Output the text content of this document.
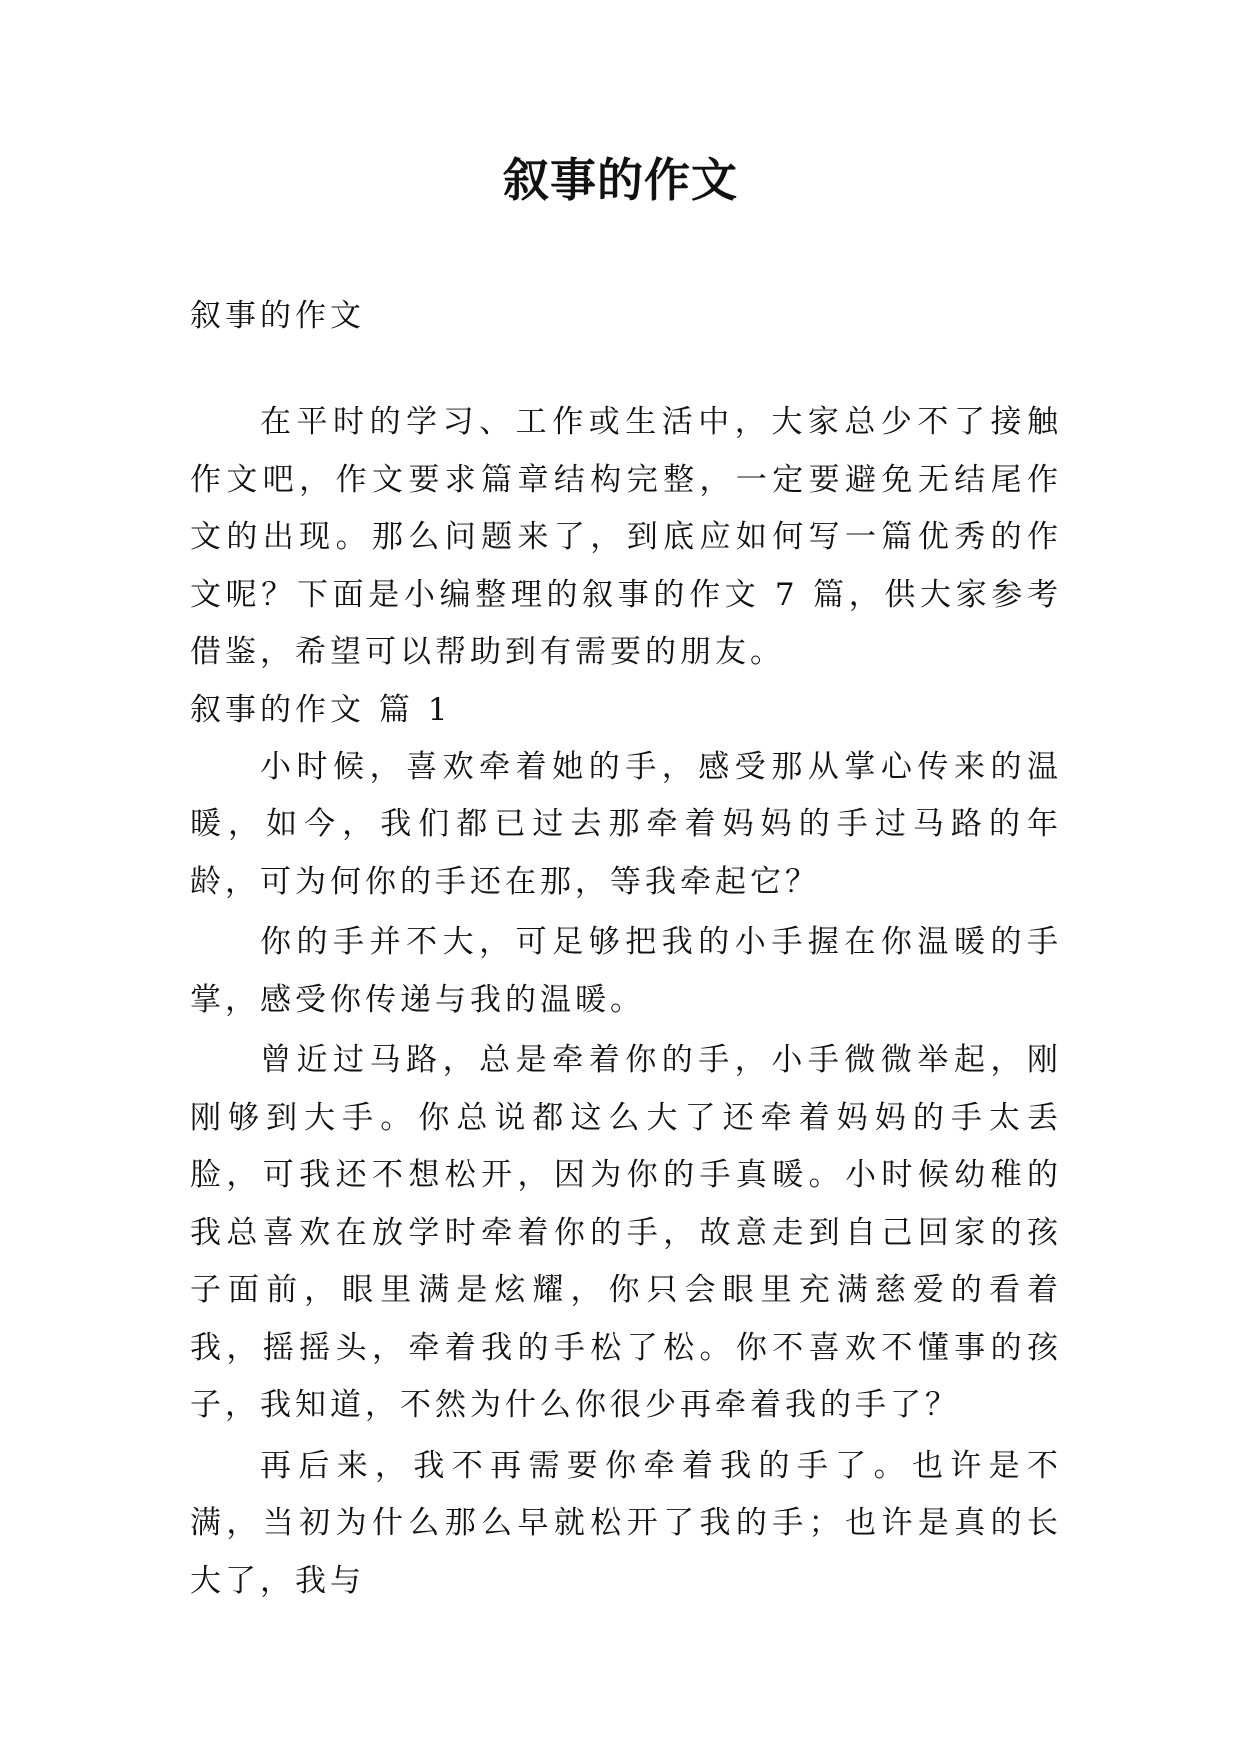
叙事的作文

叙事的作文

在平时的学习、工作或生活中，大家总少不了接触作文吧，作文要求篇章结构完整，一定要避免无结尾作文的出现。那么问题来了，到底应如何写一篇优秀的作文呢？下面是小编整理的叙事的作文 7 篇，供大家参考借鉴，希望可以帮助到有需要的朋友。

叙事的作文 篇 1

小时候，喜欢牵着她的手，感受那从掌心传来的温暖，如今，我们都已过去那牵着妈妈的手过马路的年龄，可为何你的手还在那，等我牵起它？

你的手并不大，可足够把我的小手握在你温暖的手掌，感受你传递与我的温暖。

曾近过马路，总是牵着你的手，小手微微举起，刚刚够到大手。你总说都这么大了还牵着妈妈的手太丢脸，可我还不想松开，因为你的手真暖。小时候幼稚的我总喜欢在放学时牵着你的手，故意走到自己回家的孩子面前，眼里满是炫耀，你只会眼里充满慈爱的看着我，摇摇头，牵着我的手松了松。你不喜欢不懂事的孩子，我知道，不然为什么你很少再牵着我的手了？

再后来，我不再需要你牵着我的手了。也许是不满，当初为什么那么早就松开了我的手；也许是真的长大了，我与
